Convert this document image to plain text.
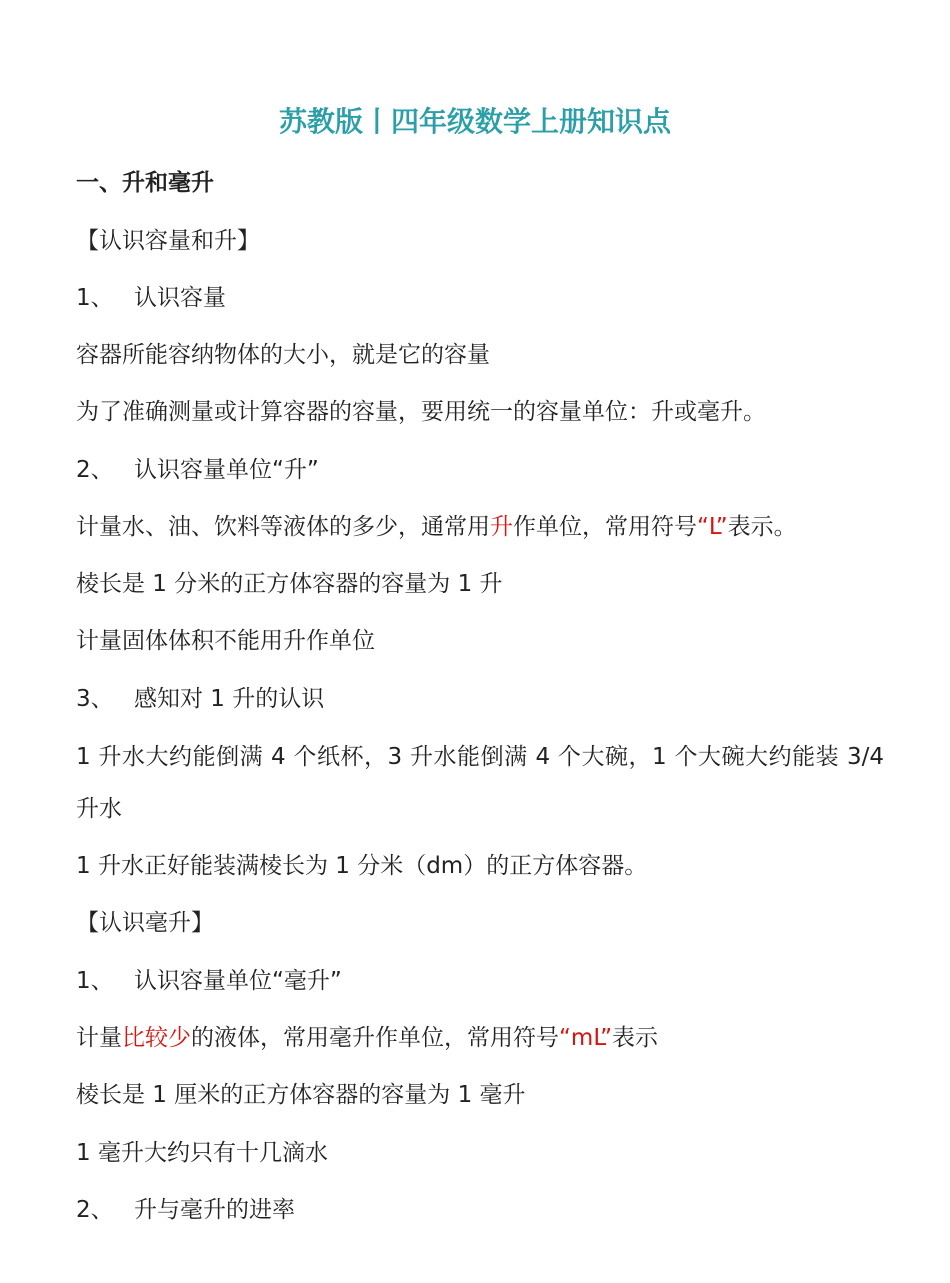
苏教版丨四年级数学上册知识点
一、升和毫升
【认识容量和升】
1、 认识容量
容器所能容纳物体的大小，就是它的容量
为了准确测量或计算容器的容量，要用统一的容量单位：升或毫升。
2、 认识容量单位“升”
计量水、油、饮料等液体的多少，通常用升作单位，常用符号“L”表示。
棱长是 1 分米的正方体容器的容量为 1 升
计量固体体积不能用升作单位
3、 感知对 1 升的认识
1 升水大约能倒满 4 个纸杯，3 升水能倒满 4 个大碗，1 个大碗大约能装 3/4 升水
1 升水正好能装满棱长为 1 分米（dm）的正方体容器。
【认识毫升】
1、 认识容量单位“毫升”
计量比较少的液体，常用毫升作单位，常用符号“mL”表示
棱长是 1 厘米的正方体容器的容量为 1 毫升
1 毫升大约只有十几滴水
2、 升与毫升的进率
